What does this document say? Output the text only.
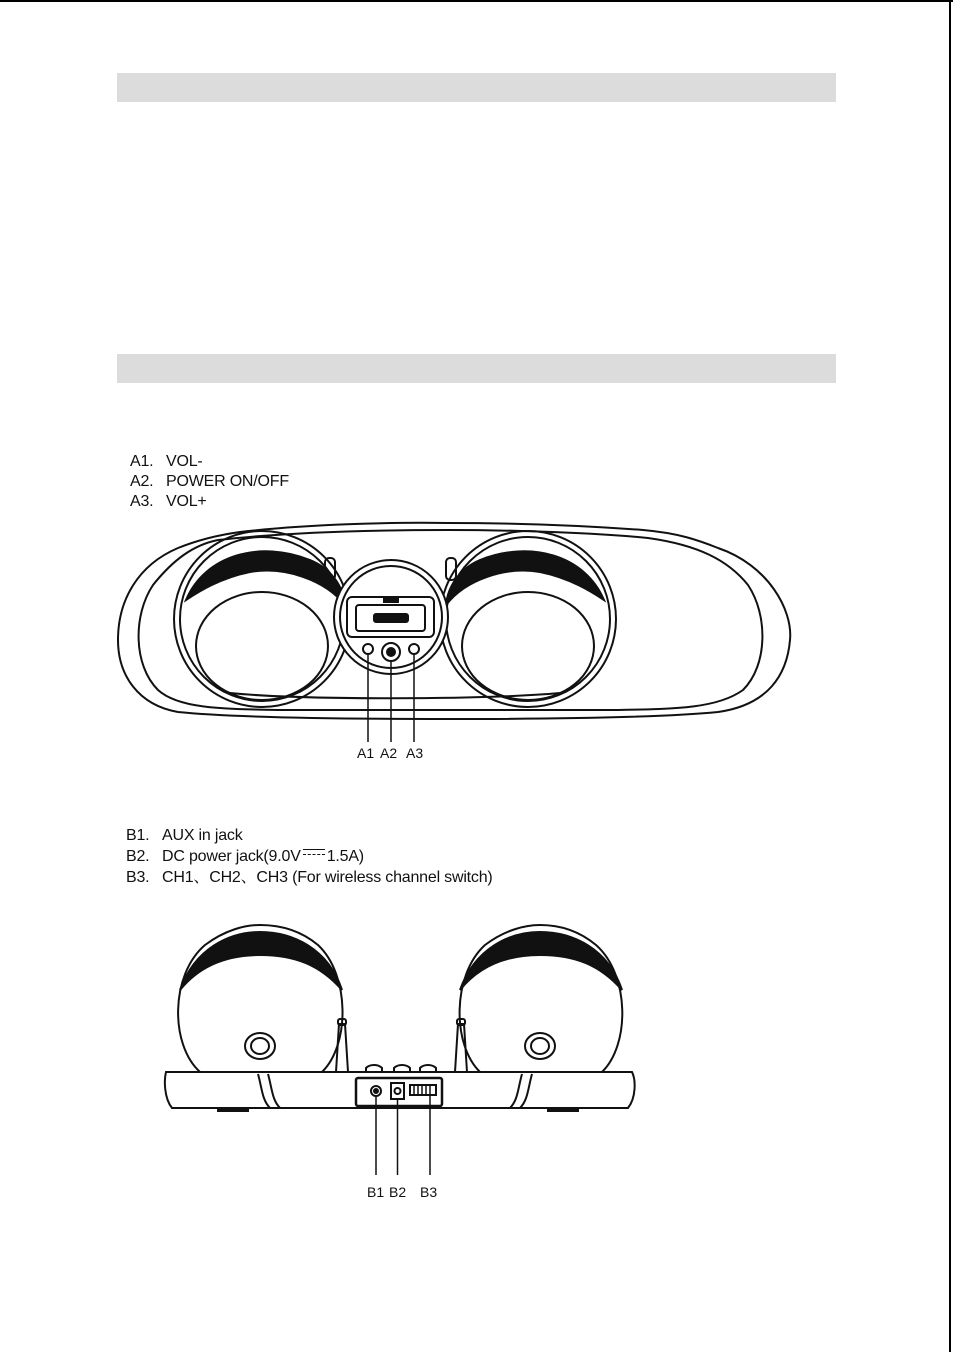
A1. VOL-
A2. POWER ON/OFF
A3. VOL+
B1. AUX in jack
B2. DC power jack(9.0V 1.5A)
B3. CH1、CH2、CH3 (For wireless channel switch)
A1 A2 A3
B1 B2 B3
